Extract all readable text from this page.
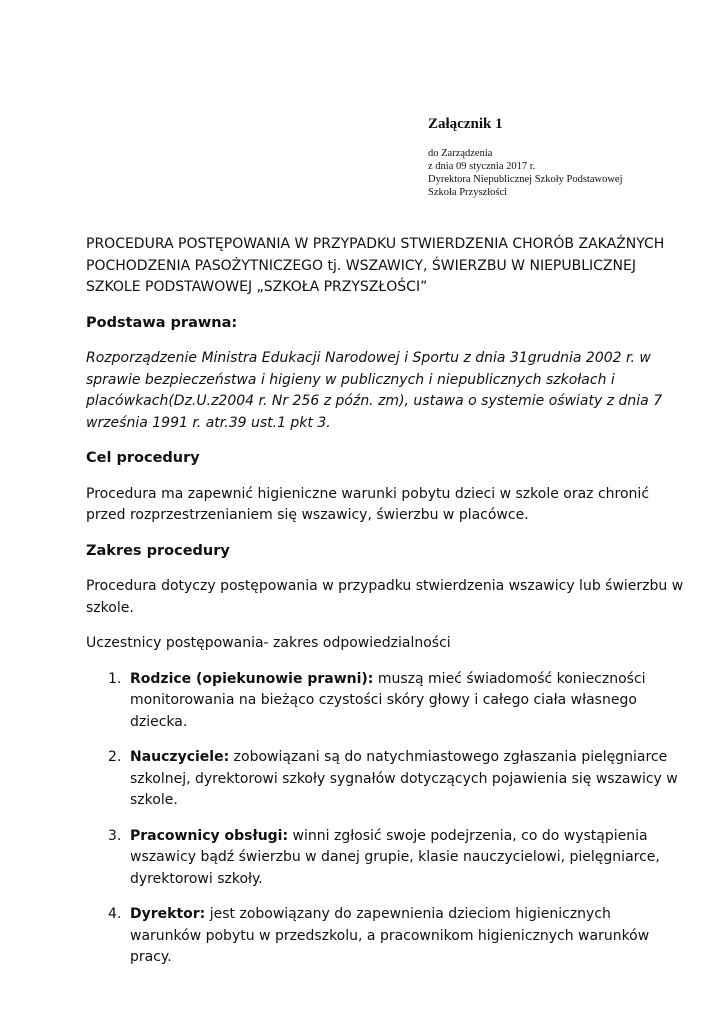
Załącznik 1

do Zarządzenia

z dnia 09 stycznia 2017 r.

Dyrektora Niepublicznej Szkoły Podstawowej

Szkoła Przyszłości

PROCEDURA POSTĘPOWANIA W PRZYPADKU STWIERDZENIA CHORÓB ZAKAŹNYCH

POCHODZENIA PASOŻYTNICZEGO tj. WSZAWICY, ŚWIERZBU W NIEPUBLICZNEJ

SZKOLE PODSTAWOWEJ „SZKOŁA PRZYSZŁOŚCI”

Podstawa prawna:

Rozporządzenie Ministra Edukacji Narodowej i Sportu z dnia 31grudnia 2002 r. w
sprawie bezpieczeństwa i higieny w publicznych i niepublicznych szkołach i
placówkach(Dz.U.z2004 r. Nr 256 z późn. zm), ustawa o systemie oświaty z dnia 7
września 1991 r. atr.39 ust.1 pkt 3.

Cel procedury

Procedura ma zapewnić higieniczne warunki pobytu dzieci w szkole oraz chronić
przed rozprzestrzenianiem się wszawicy, świerzbu w placówce.

Zakres procedury

Procedura dotyczy postępowania w przypadku stwierdzenia wszawicy lub świerzbu w
szkole.

Uczestnicy postępowania- zakres odpowiedzialności

1. Rodzice (opiekunowie prawni): muszą mieć świadomość konieczności
monitorowania na bieżąco czystości skóry głowy i całego ciała własnego
dziecka.
2. Nauczyciele: zobowiązani są do natychmiastowego zgłaszania pielęgniarce
szkolnej, dyrektorowi szkoły sygnałów dotyczących pojawienia się wszawicy w
szkole.
3. Pracownicy obsługi: winni zgłosić swoje podejrzenia, co do wystąpienia
wszawicy bądź świerzbu w danej grupie, klasie nauczycielowi, pielęgniarce,
dyrektorowi szkoły.
4. Dyrektor: jest zobowiązany do zapewnienia dzieciom higienicznych
warunków pobytu w przedszkolu, a pracownikom higienicznych warunków
pracy.
